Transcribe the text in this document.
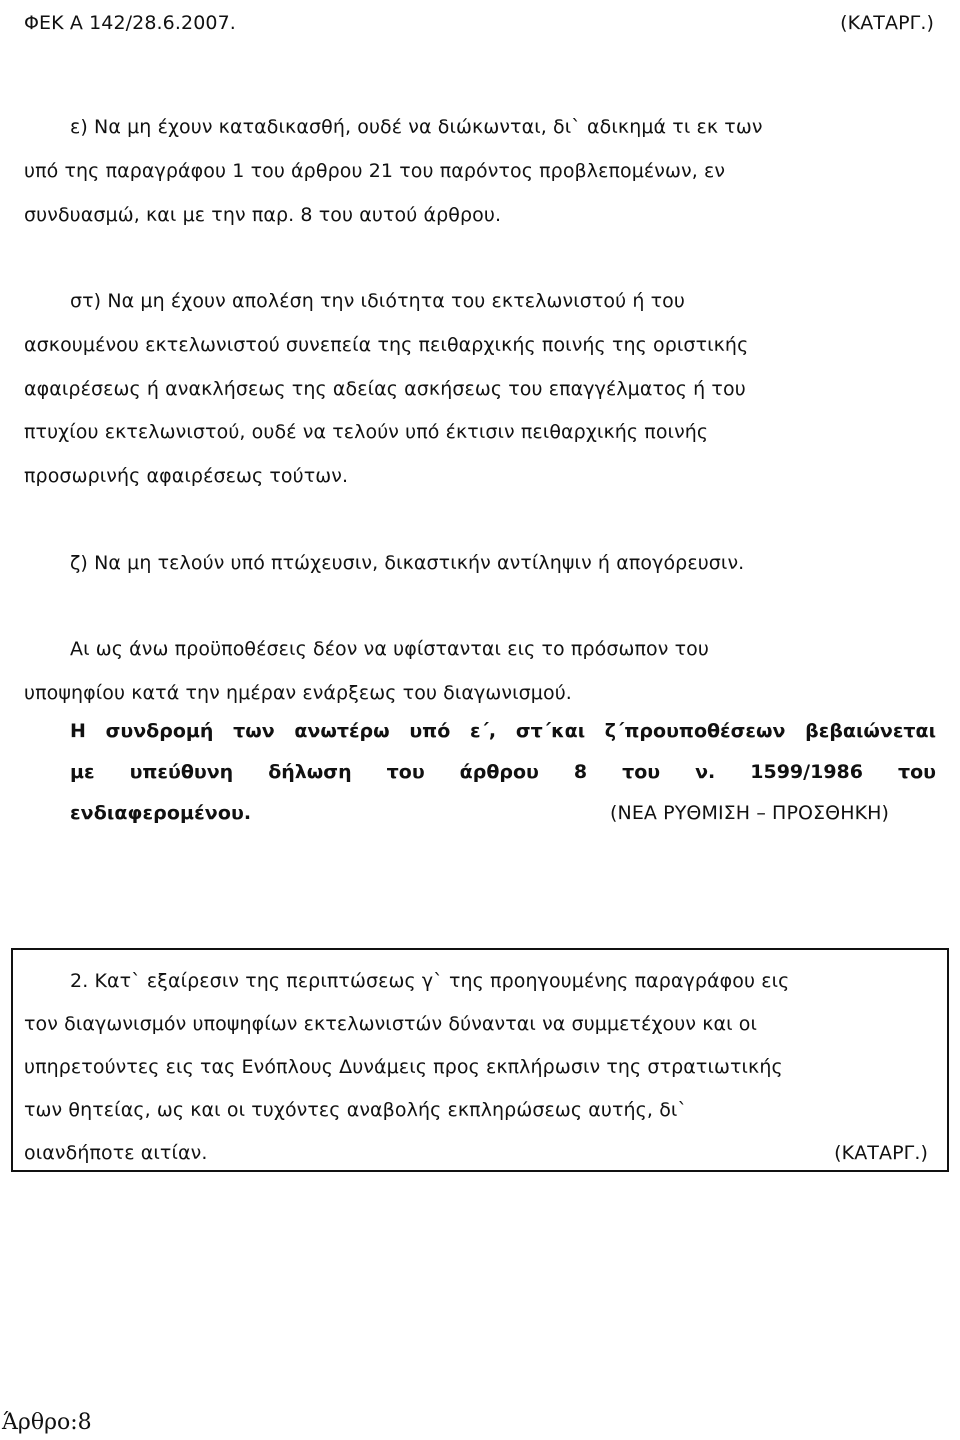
ΦΕΚ Α 142/28.6.2007.	(ΚΑΤΑΡΓ.)
ε) Να μη έχουν καταδικασθή, ουδέ να διώκωνται, δι` αδικημά τι εκ των
υπό της παραγράφου 1 του άρθρου 21 του παρόντος προβλεπομένων, εν
συνδυασμώ, και με την παρ. 8 του αυτού άρθρου.
στ) Να μη έχουν απολέση την ιδιότητα του εκτελωνιστού ή του
ασκουμένου εκτελωνιστού συνεπεία της πειθαρχικής ποινής της οριστικής
αφαιρέσεως ή ανακλήσεως της αδείας ασκήσεως του επαγγέλματος ή του
πτυχίου εκτελωνιστού, ουδέ να τελούν υπό έκτισιν πειθαρχικής ποινής
προσωρινής αφαιρέσεως τούτων.
ζ) Να μη τελούν υπό πτώχευσιν, δικαστικήν αντίληψιν ή απογόρευσιν.
Αι ως άνω προϋποθέσεις δέον να υφίστανται εις το πρόσωπον του
υποψηφίου κατά την ημέραν ενάρξεως του διαγωνισμού.
Η συνδρομή των ανωτέρω υπό ε΄, στ΄και ζ΄προυποθέσεων βεβαιώνεται
με υπεύθυνη δήλωση του άρθρου 8 του ν. 1599/1986 του
ενδιαφερομένου.	(ΝΕΑ ΡΥΘΜΙΣΗ – ΠΡΟΣΘΗΚΗ)
2. Κατ` εξαίρεσιν της περιπτώσεως γ` της προηγουμένης παραγράφου εις
τον διαγωνισμόν υποψηφίων εκτελωνιστών δύνανται να συμμετέχουν και οι
υπηρετούντες εις τας Ενόπλους Δυνάμεις προς εκπλήρωσιν της στρατιωτικής
των θητείας, ως και οι τυχόντες αναβολής εκπληρώσεως αυτής, δι`
οιανδήποτε αιτίαν.	(ΚΑΤΑΡΓ.)
Άρθρο:8
